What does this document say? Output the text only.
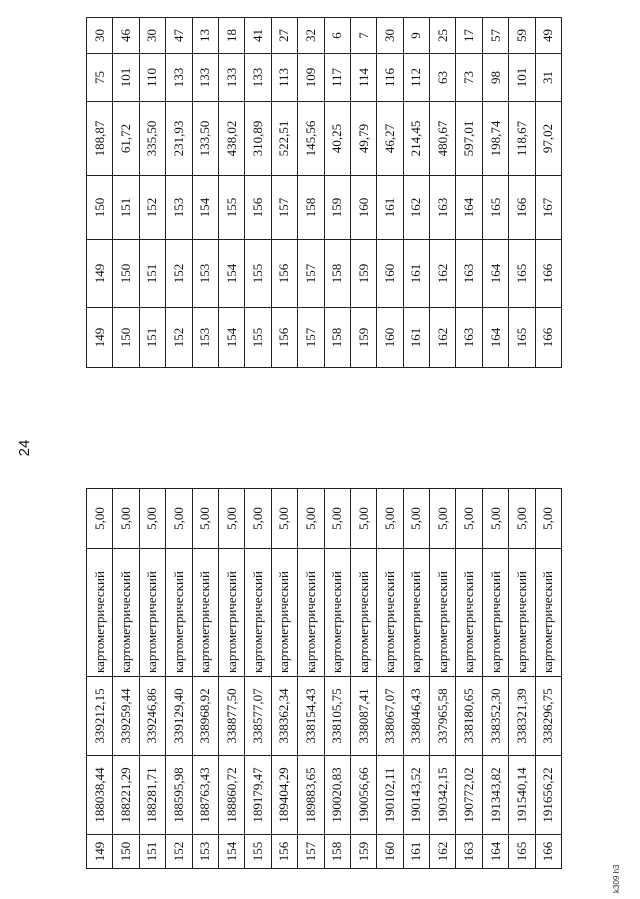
24
149	188038,44	339212,15	картометрический	5,00
150	188221,29	339259,44	картометрический	5,00
151	188281,71	339246,86	картометрический	5,00
152	188595,98	339129,40	картометрический	5,00
153	188763,43	338968,92	картометрический	5,00
154	188860,72	338877,50	картометрический	5,00
155	189179,47	338577,07	картометрический	5,00
156	189404,29	338362,34	картометрический	5,00
157	189883,65	338154,43	картометрический	5,00
158	190020,83	338105,75	картометрический	5,00
159	190056,66	338087,41	картометрический	5,00
160	190102,11	338067,07	картометрический	5,00
161	190143,52	338046,43	картометрический	5,00
162	190342,15	337965,58	картометрический	5,00
163	190772,02	338180,65	картометрический	5,00
164	191343,82	338352,30	картометрический	5,00
165	191540,14	338321,39	картометрический	5,00
166	191656,22	338296,75	картометрический	5,00
149	149	150	188,87	75	30
150	150	151	61,72	101	46
151	151	152	335,50	110	30
152	152	153	231,93	133	47
153	153	154	133,50	133	13
154	154	155	438,02	133	18
155	155	156	310,89	133	41
156	156	157	522,51	113	27
157	157	158	145,56	109	32
158	158	159	40,25	117	6
159	159	160	49,79	114	7
160	160	161	46,27	116	30
161	161	162	214,45	112	9
162	162	163	480,67	63	25
163	163	164	597,01	73	17
164	164	165	198,74	98	57
165	165	166	118,67	101	59
166	166	167	97,02	31	49
k309 h3
